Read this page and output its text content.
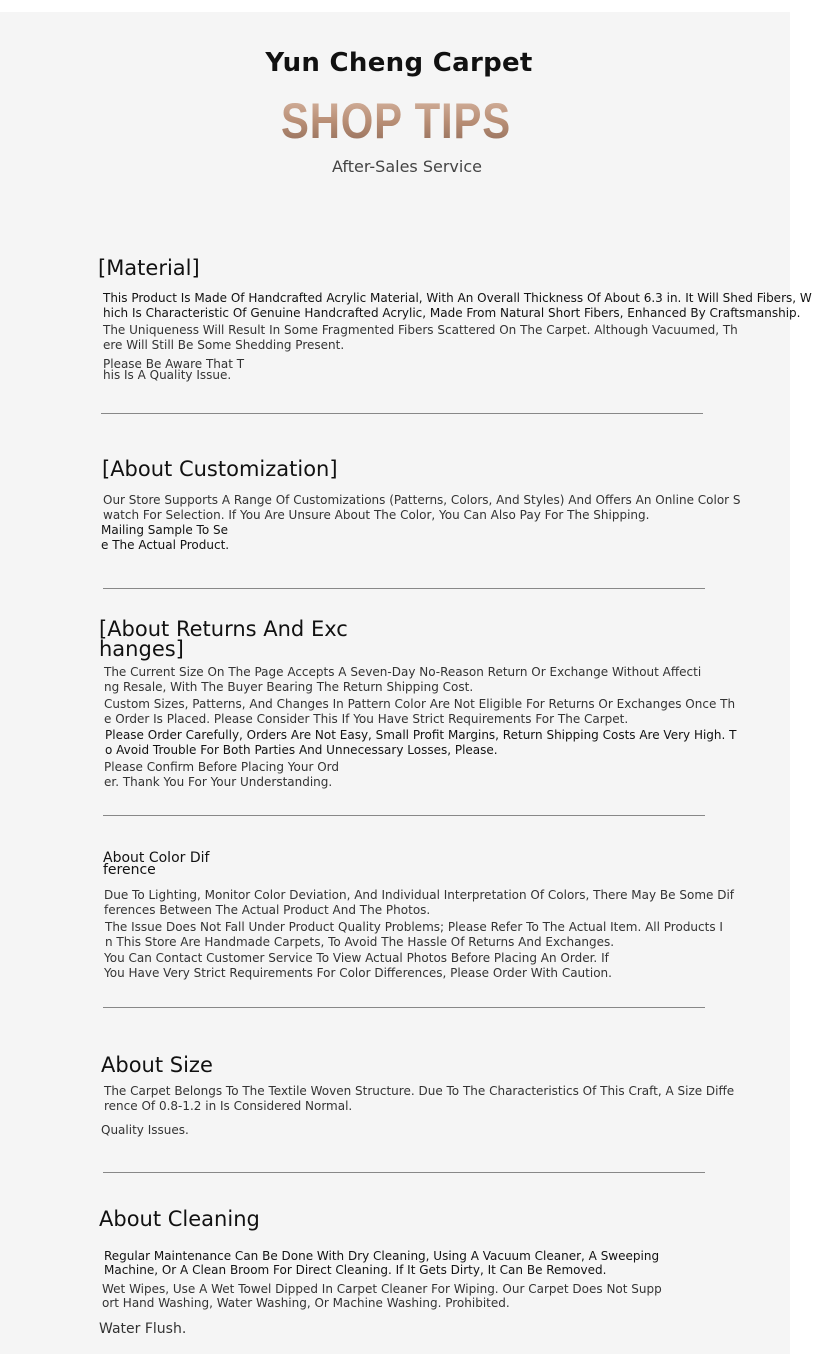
Yun Cheng Carpet
SHOP TIPS
After-Sales Service
[Material]
This Product Is Made Of Handcrafted Acrylic Material, With An Overall Thickness Of About 6.3 in. It Will Shed Fibers, W
hich Is Characteristic Of Genuine Handcrafted Acrylic, Made From Natural Short Fibers, Enhanced By Craftsmanship.
The Uniqueness Will Result In Some Fragmented Fibers Scattered On The Carpet. Although Vacuumed, Th
ere Will Still Be Some Shedding Present.
Please Be Aware That T
his Is A Quality Issue.
[About Customization]
Our Store Supports A Range Of Customizations (Patterns, Colors, And Styles) And Offers An Online Color S
watch For Selection. If You Are Unsure About The Color, You Can Also Pay For The Shipping.
Mailing Sample To Se
e The Actual Product.
[About Returns And Exc
hanges]
The Current Size On The Page Accepts A Seven-Day No-Reason Return Or Exchange Without Affecti
ng Resale, With The Buyer Bearing The Return Shipping Cost.
Custom Sizes, Patterns, And Changes In Pattern Color Are Not Eligible For Returns Or Exchanges Once Th
e Order Is Placed. Please Consider This If You Have Strict Requirements For The Carpet.
Please Order Carefully, Orders Are Not Easy, Small Profit Margins, Return Shipping Costs Are Very High. T
o Avoid Trouble For Both Parties And Unnecessary Losses, Please.
Please Confirm Before Placing Your Ord
er. Thank You For Your Understanding.
About Color Dif
ference
Due To Lighting, Monitor Color Deviation, And Individual Interpretation Of Colors, There May Be Some Dif
ferences Between The Actual Product And The Photos.
The Issue Does Not Fall Under Product Quality Problems; Please Refer To The Actual Item. All Products I
n This Store Are Handmade Carpets, To Avoid The Hassle Of Returns And Exchanges.
You Can Contact Customer Service To View Actual Photos Before Placing An Order. If
You Have Very Strict Requirements For Color Differences, Please Order With Caution.
About Size
The Carpet Belongs To The Textile Woven Structure. Due To The Characteristics Of This Craft, A Size Diffe
rence Of 0.8-1.2 in Is Considered Normal.
Quality Issues.
About Cleaning
Regular Maintenance Can Be Done With Dry Cleaning, Using A Vacuum Cleaner, A Sweeping
Machine, Or A Clean Broom For Direct Cleaning. If It Gets Dirty, It Can Be Removed.
Wet Wipes, Use A Wet Towel Dipped In Carpet Cleaner For Wiping. Our Carpet Does Not Supp
ort Hand Washing, Water Washing, Or Machine Washing. Prohibited.
Water Flush.
